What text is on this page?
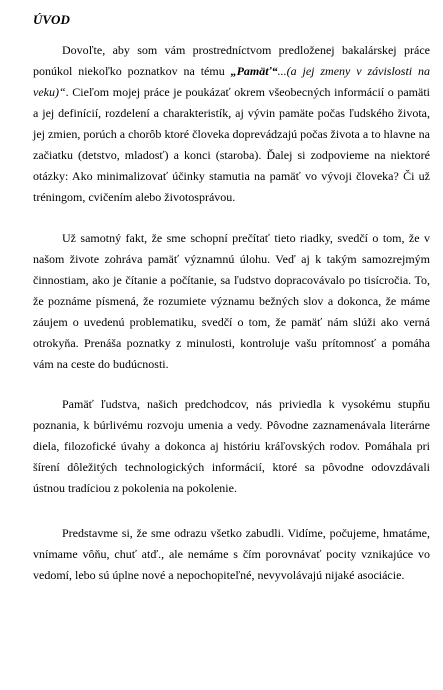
ÚVOD

Dovoľte, aby som vám prostredníctvom predloženej bakalárskej práce ponúkol niekoľko poznatkov na tému „Pamäť“...(a jej zmeny v závislosti na veku)“. Cieľom mojej práce je poukázať okrem všeobecných informácií o pamäti a jej definícií, rozdelení a charakteristík, aj vývin pamäte počas ľudského života, jej zmien, porúch a chorôb ktoré človeka doprevádzajú počas života a to hlavne na začiatku (detstvo, mladosť) a konci (staroba). Ďalej si zodpovieme na niektoré otázky: Ako minimalizovať účinky stamutia na pamäť vo vývoji človeka? Či už tréningom, cvičením alebo životosprávou.

Už samotný fakt, že sme schopní prečítať tieto riadky, svedčí o tom, že v našom živote zohráva pamäť významnú úlohu. Veď aj k takým samozrejmým činnostiam, ako je čítanie a počítanie, sa ľudstvo dopracovávalo po tisícročia. To, že poznáme písmená, že rozumiete významu bežných slov a dokonca, že máme záujem o uvedenú problematiku, svedčí o tom, že pamäť nám slúži ako verná otrokyňa. Prenáša poznatky z minulosti, kontroluje vašu prítomnosť a pomáha vám na ceste do budúcnosti.

Pamäť ľudstva, našich predchodcov, nás priviedla k vysokému stupňu poznania, k búrlivému rozvoju umenia a vedy. Pôvodne zaznamenávala literárne diela, filozofické úvahy a dokonca aj históriu kráľovských rodov. Pomáhala pri šírení dôležitých technologických informácií, ktoré sa pôvodne odovzdávali ústnou tradíciou z pokolenia na pokolenie.

Predstavme si, že sme odrazu všetko zabudli. Vidíme, počujeme, hmatáme, vnímame vôňu, chuť atď., ale nemáme s čím porovnávať pocity vznikajúce vo vedomí, lebo sú úplne nové a nepochopiteľné, nevyvolávajú nijaké asociácie.
